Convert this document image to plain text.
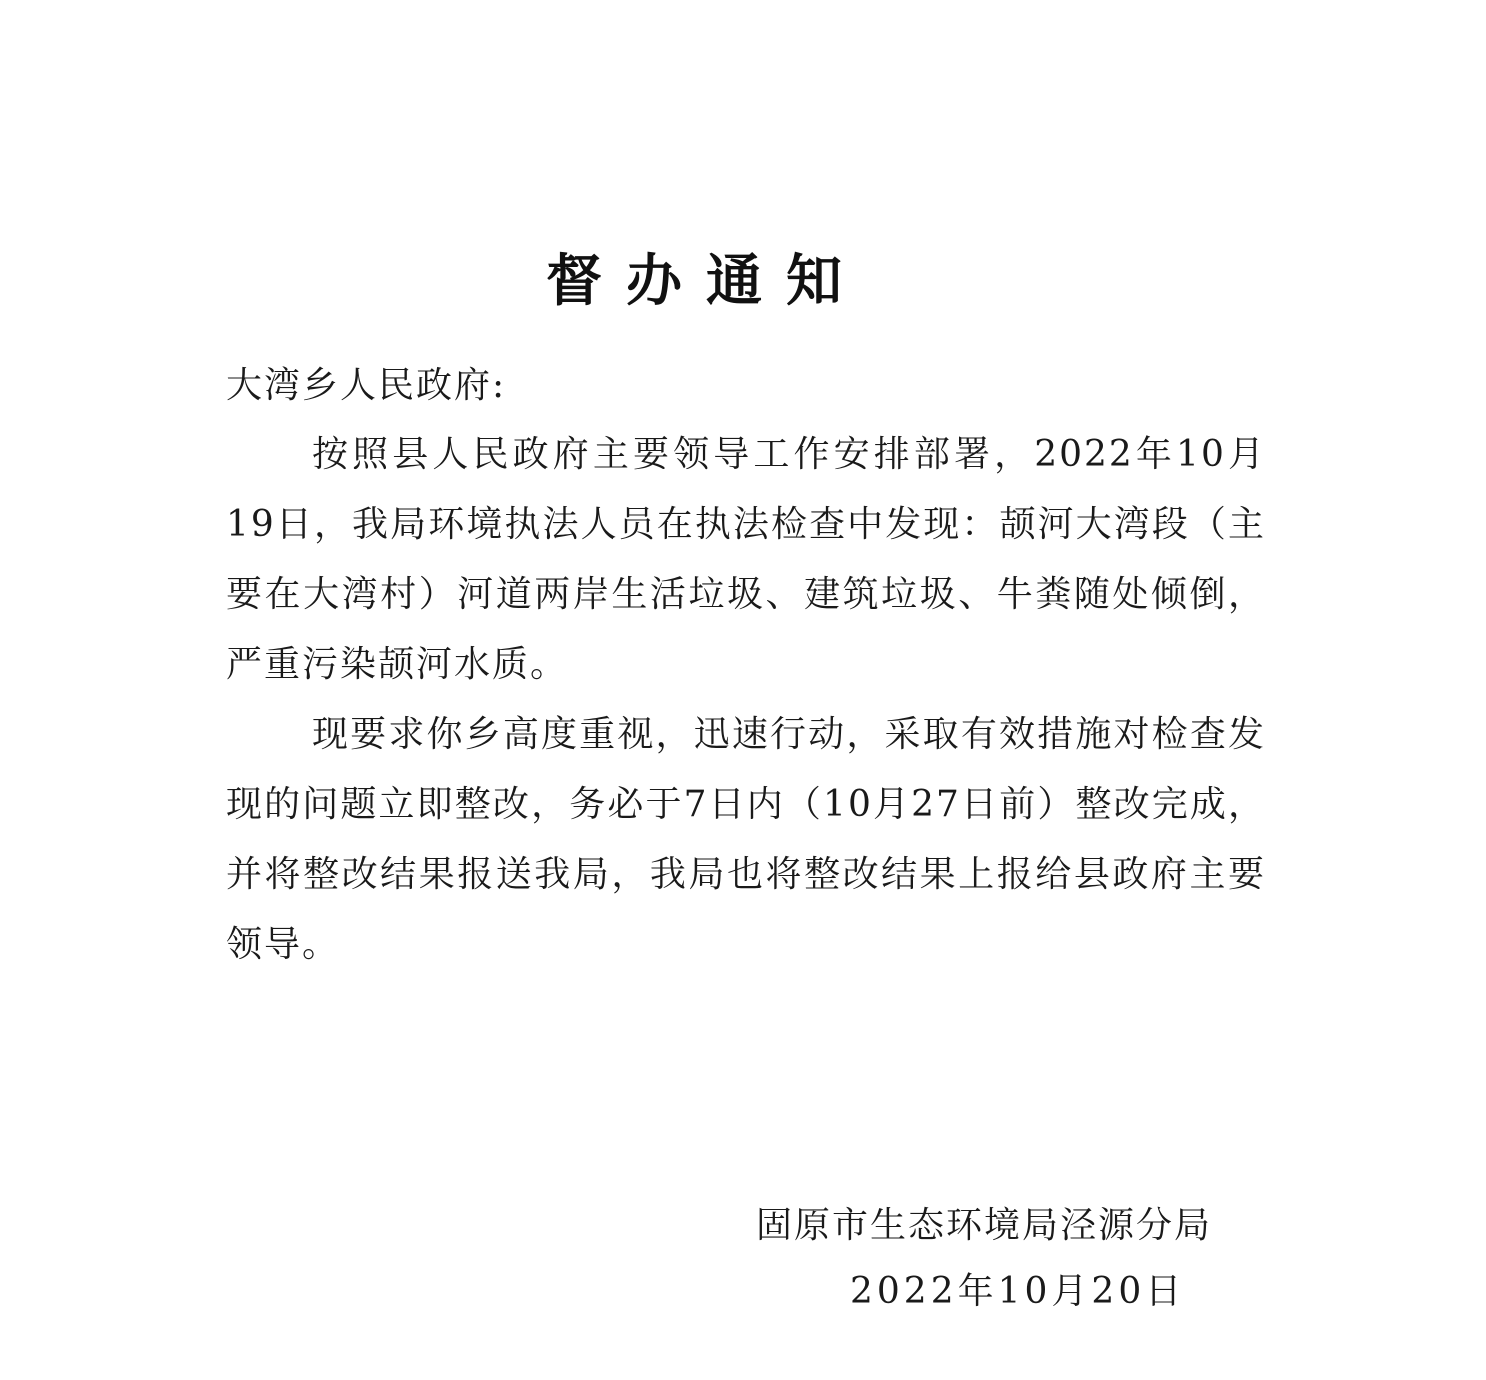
督办通知
大湾乡人民政府:
按照县人民政府主要领导工作安排部署，2022年10月19日，我局环境执法人员在执法检查中发现：颉河大湾段（主要在大湾村）河道两岸生活垃圾、建筑垃圾、牛粪随处倾倒，严重污染颉河水质。
现要求你乡高度重视，迅速行动，采取有效措施对检查发现的问题立即整改，务必于7日内（10月27日前）整改完成，并将整改结果报送我局，我局也将整改结果上报给县政府主要领导。
固原市生态环境局泾源分局
2022年10月20日
